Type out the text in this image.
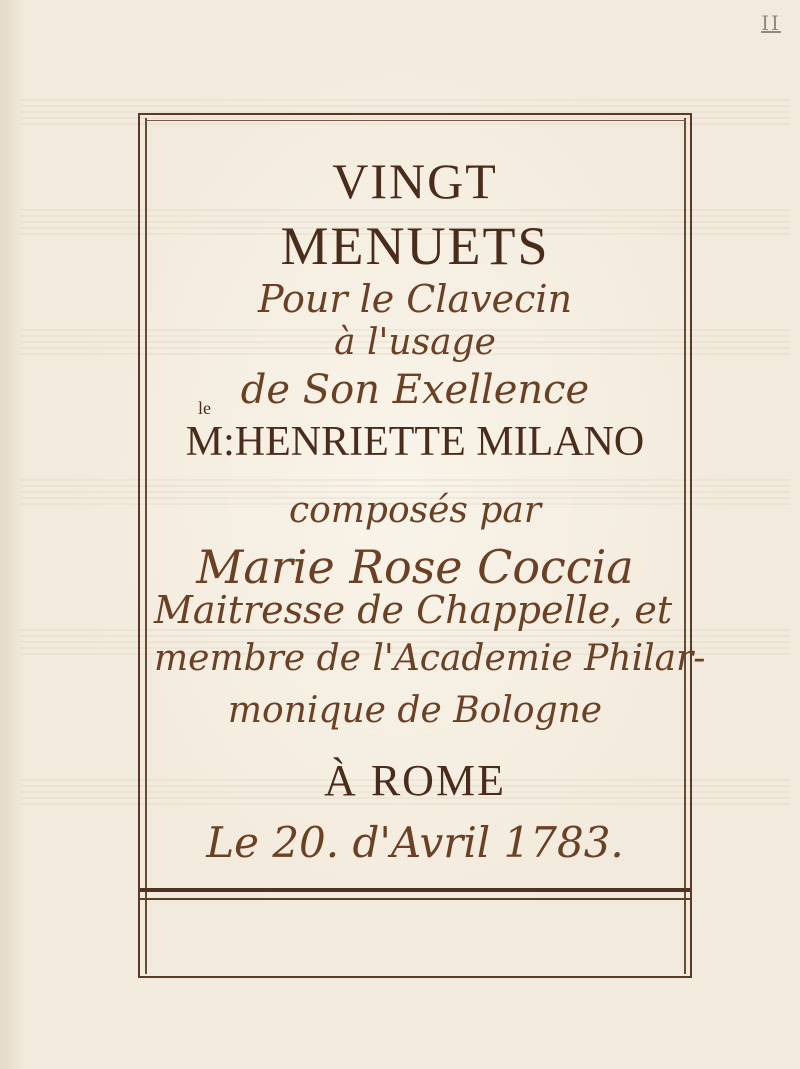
II
VINGT
MENUETS
Pour le Clavecin
à l'usage
de Son Exellence
le
M:HENRIETTE MILANO
composés par
Marie Rose Coccia
Maitresse de Chappelle, et
membre de l'Academie Philar-
monique de Bologne
À ROME
Le 20. d'Avril 1783.
